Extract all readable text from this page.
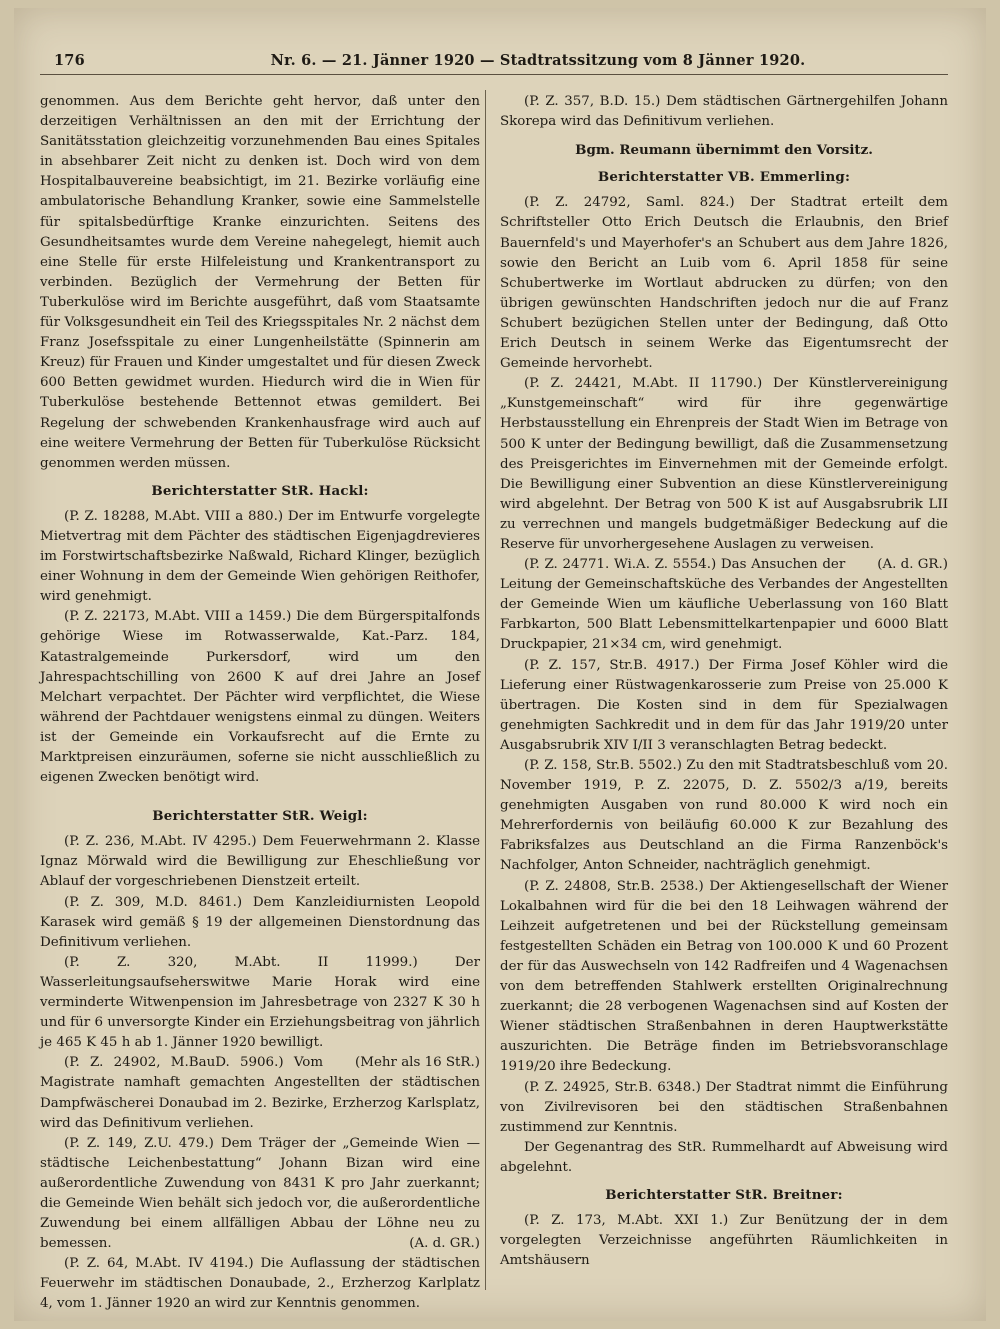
176	Nr. 6. — 21. Jänner 1920 — Stadtratssitzung vom 8 Jänner 1920.

genommen. Aus dem Berichte geht hervor, daß unter den derzeitigen Verhältnissen an den mit der Errichtung der Sanitätsstation gleichzeitig vorzunehmenden Bau eines Spitales in absehbarer Zeit nicht zu denken ist. Doch wird von dem Hospitalbauvereine beabsichtigt, im 21. Bezirke vorläufig eine ambulatorische Behandlung Kranker, sowie eine Sammelstelle für spitalsbedürftige Kranke einzurichten. Seitens des Gesundheitsamtes wurde dem Vereine nahegelegt, hiemit auch eine Stelle für erste Hilfeleistung und Krankentransport zu verbinden. Bezüglich der Vermehrung der Betten für Tuberkulöse wird im Berichte ausgeführt, daß vom Staatsamte für Volksgesundheit ein Teil des Kriegsspitales Nr. 2 nächst dem Franz Josefsspitale zu einer Lungenheilstätte (Spinnerin am Kreuz) für Frauen und Kinder umgestaltet und für diesen Zweck 600 Betten gewidmet wurden. Hiedurch wird die in Wien für Tuberkulöse bestehende Bettennot etwas gemildert. Bei Regelung der schwebenden Krankenhausfrage wird auch auf eine weitere Vermehrung der Betten für Tuberkulöse Rücksicht genommen werden müssen.

Berichterstatter StR. Hackl:

(P. Z. 18288, M.Abt. VIII a 880.) Der im Entwurfe vorgelegte Mietvertrag mit dem Pächter des städtischen Eigenjagdrevieres im Forstwirtschaftsbezirke Naßwald, Richard Klinger, bezüglich einer Wohnung in dem der Gemeinde Wien gehörigen Reithofer, wird genehmigt.

(P. Z. 22173, M.Abt. VIII a 1459.) Die dem Bürgerspitalfonds gehörige Wiese im Rotwasserwalde, Kat.-Parz. 184, Katastralgemeinde Purkersdorf, wird um den Jahrespachtschilling von 2600 K auf drei Jahre an Josef Melchart verpachtet. Der Pächter wird verpflichtet, die Wiese während der Pachtdauer wenigstens einmal zu düngen. Weiters ist der Gemeinde ein Vorkaufsrecht auf die Ernte zu Marktpreisen einzuräumen, soferne sie nicht ausschließlich zu eigenen Zwecken benötigt wird.

Berichterstatter StR. Weigl:

(P. Z. 236, M.Abt. IV 4295.) Dem Feuerwehrmann 2. Klasse Ignaz Mörwald wird die Bewilligung zur Eheschließung vor Ablauf der vorgeschriebenen Dienstzeit erteilt.

(P. Z. 309, M.D. 8461.) Dem Kanzleidiurnisten Leopold Karasek wird gemäß § 19 der allgemeinen Dienstordnung das Definitivum verliehen.

(P. Z. 320, M.Abt. II 11999.) Der Wasserleitungsaufseherswitwe Marie Horak wird eine verminderte Witwenpension im Jahresbetrage von 2327 K 30 h und für 6 unversorgte Kinder ein Erziehungsbeitrag von jährlich je 465 K 45 h ab 1. Jänner 1920 bewilligt.
(Mehr als 16 StR.)

(P. Z. 24902, M.BauD. 5906.) Vom Magistrate namhaft gemachten Angestellten der städtischen Dampfwäscherei Donaubad im 2. Bezirke, Erzherzog Karlsplatz, wird das Definitivum verliehen.

(P. Z. 149, Z.U. 479.) Dem Träger der „Gemeinde Wien — städtische Leichenbestattung“ Johann Bizan wird eine außerordentliche Zuwendung von 8431 K pro Jahr zuerkannt; die Gemeinde Wien behält sich jedoch vor, die außerordentliche Zuwendung bei einem allfälligen Abbau der Löhne neu zu bemessen.	(A. d. GR.)

(P. Z. 64, M.Abt. IV 4194.) Die Auflassung der städtischen Feuerwehr im städtischen Donaubade, 2., Erzherzog Karlplatz 4, vom 1. Jänner 1920 an wird zur Kenntnis genommen.

(P. Z. 357, B.D. 15.) Dem städtischen Gärtnergehilfen Johann Skorepa wird das Definitivum verliehen.

Bgm. Reumann übernimmt den Vorsitz.
Berichterstatter VB. Emmerling:

(P. Z. 24792, Saml. 824.) Der Stadtrat erteilt dem Schriftsteller Otto Erich Deutsch die Erlaubnis, den Brief Bauernfeld's und Mayerhofer's an Schubert aus dem Jahre 1826, sowie den Bericht an Luib vom 6. April 1858 für seine Schubertwerke im Wortlaut abdrucken zu dürfen; von den übrigen gewünschten Handschriften jedoch nur die auf Franz Schubert bezügichen Stellen unter der Bedingung, daß Otto Erich Deutsch in seinem Werke das Eigentumsrecht der Gemeinde hervorhebt.

(P. Z. 24421, M.Abt. II 11790.) Der Künstlervereinigung „Kunstgemeinschaft“ wird für ihre gegenwärtige Herbstausstellung ein Ehrenpreis der Stadt Wien im Betrage von 500 K unter der Bedingung bewilligt, daß die Zusammensetzung des Preisgerichtes im Einvernehmen mit der Gemeinde erfolgt. Die Bewilligung einer Subvention an diese Künstlervereinigung wird abgelehnt. Der Betrag von 500 K ist auf Ausgabsrubrik LII zu verrechnen und mangels budgetmäßiger Bedeckung auf die Reserve für unvorhergesehene Auslagen zu verweisen.
(A. d. GR.)

(P. Z. 24771. Wi.A. Z. 5554.) Das Ansuchen der Leitung der Gemeinschaftsküche des Verbandes der Angestellten der Gemeinde Wien um käufliche Ueberlassung von 160 Blatt Farbkarton, 500 Blatt Lebensmittelkartenpapier und 6000 Blatt Druckpapier, 21×34 cm, wird genehmigt.

(P. Z. 157, Str.B. 4917.) Der Firma Josef Köhler wird die Lieferung einer Rüstwagenkarosserie zum Preise von 25.000 K übertragen. Die Kosten sind in dem für Spezialwagen genehmigten Sachkredit und in dem für das Jahr 1919/20 unter Ausgabsrubrik XIV I/II 3 veranschlagten Betrag bedeckt.

(P. Z. 158, Str.B. 5502.) Zu den mit Stadtratsbeschluß vom 20. November 1919, P. Z. 22075, D. Z. 5502/3 a/19, bereits genehmigten Ausgaben von rund 80.000 K wird noch ein Mehrerfordernis von beiläufig 60.000 K zur Bezahlung des Fabriksfalzes aus Deutschland an die Firma Ranzenböck's Nachfolger, Anton Schneider, nachträglich genehmigt.

(P. Z. 24808, Str.B. 2538.) Der Aktiengesellschaft der Wiener Lokalbahnen wird für die bei den 18 Leihwagen während der Leihzeit aufgetretenen und bei der Rückstellung gemeinsam festgestellten Schäden ein Betrag von 100.000 K und 60 Prozent der für das Auswechseln von 142 Radfreifen und 4 Wagenachsen von dem betreffenden Stahlwerk erstellten Originalrechnung zuerkannt; die 28 verbogenen Wagenachsen sind auf Kosten der Wiener städtischen Straßenbahnen in deren Hauptwerkstätte auszurichten. Die Beträge finden im Betriebsvoranschlage 1919/20 ihre Bedeckung.

(P. Z. 24925, Str.B. 6348.) Der Stadtrat nimmt die Einführung von Zivilrevisoren bei den städtischen Straßenbahnen zustimmend zur Kenntnis.

Der Gegenantrag des StR. Rummelhardt auf Abweisung wird abgelehnt.

Berichterstatter StR. Breitner:

(P. Z. 173, M.Abt. XXI 1.) Zur Benützung der in dem vorgelegten Verzeichnisse angeführten Räumlichkeiten in Amtshäusern
